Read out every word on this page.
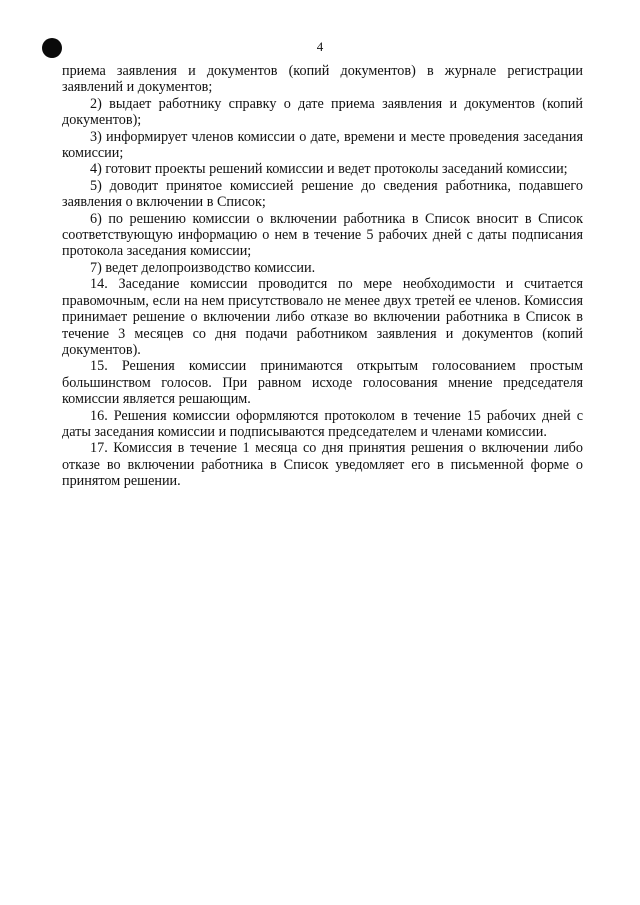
4

приема заявления и документов (копий документов) в журнале регистрации заявлений и документов;

2) выдает работнику справку о дате приема заявления и документов (копий документов);

3) информирует членов комиссии о дате, времени и месте проведения заседания комиссии;

4) готовит проекты решений комиссии и ведет протоколы заседаний комиссии;

5) доводит принятое комиссией решение до сведения работника, подавшего заявления о включении в Список;

6) по решению комиссии о включении работника в Список вносит в Список соответствующую информацию о нем в течение 5 рабочих дней с даты подписания протокола заседания комиссии;

7) ведет делопроизводство комиссии.

14. Заседание комиссии проводится по мере необходимости и считается правомочным, если на нем присутствовало не менее двух третей ее членов. Комиссия принимает решение о включении либо отказе во включении работника в Список в течение 3 месяцев со дня подачи работником заявления и документов (копий документов).

15. Решения комиссии принимаются открытым голосованием простым большинством голосов. При равном исходе голосования мнение председателя комиссии является решающим.

16. Решения комиссии оформляются протоколом в течение 15 рабочих дней с даты заседания комиссии и подписываются председателем и членами комиссии.

17. Комиссия в течение 1 месяца со дня принятия решения о включении либо отказе во включении работника в Список уведомляет его в письменной форме о принятом решении.
